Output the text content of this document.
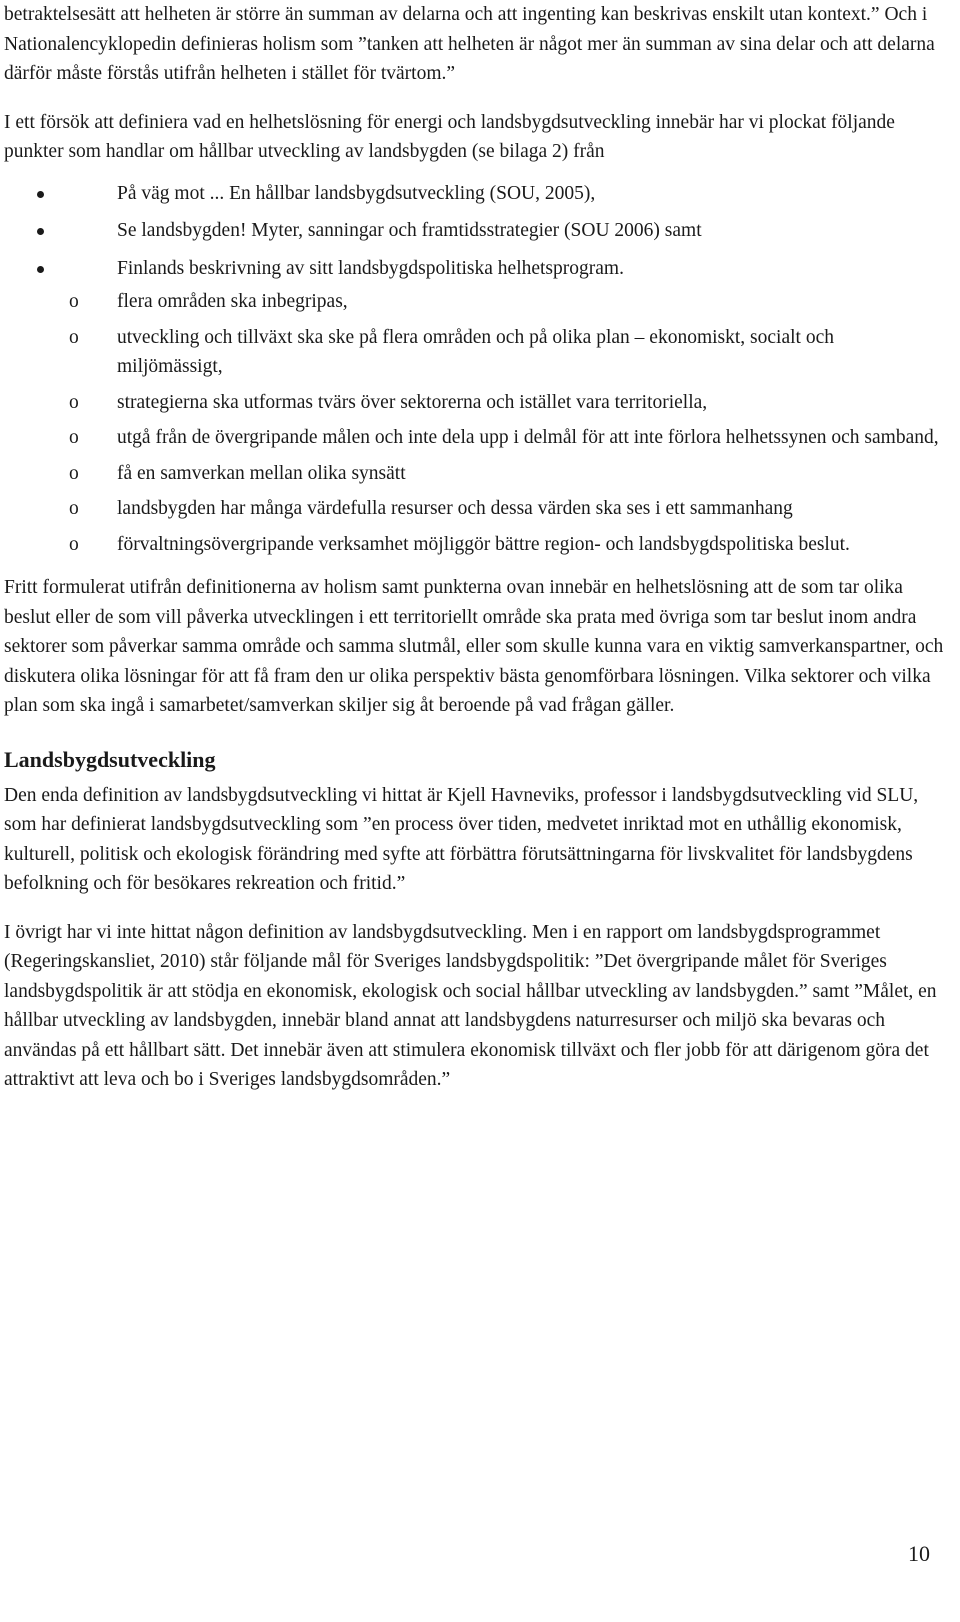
betraktelsesätt att helheten är större än summan av delarna och att ingenting kan beskrivas enskilt utan kontext.” Och i Nationalencyklopedin definieras holism som ”tanken att helheten är något mer än summan av sina delar och att delarna därför måste förstås utifrån helheten i stället för tvärtom.”

I ett försök att definiera vad en helhetslösning för energi och landsbygdsutveckling innebär har vi plockat följande punkter som handlar om hållbar utveckling av landsbygden (se bilaga 2) från

På väg mot ... En hållbar landsbygdsutveckling (SOU, 2005),
Se landsbygden! Myter, sanningar och framtidsstrategier (SOU 2006) samt
Finlands beskrivning av sitt landsbygdspolitiska helhetsprogram.
o flera områden ska inbegripas,
o utveckling och tillväxt ska ske på flera områden och på olika plan – ekonomiskt, socialt och miljömässigt,
o strategierna ska utformas tvärs över sektorerna och istället vara territoriella,
o utgå från de övergripande målen och inte dela upp i delmål för att inte förlora helhetssynen och samband,
o få en samverkan mellan olika synsätt
o landsbygden har många värdefulla resurser och dessa värden ska ses i ett sammanhang
o förvaltningsövergripande verksamhet möjliggör bättre region- och landsbygdspolitiska beslut.

Fritt formulerat utifrån definitionerna av holism samt punkterna ovan innebär en helhetslösning att de som tar olika beslut eller de som vill påverka utvecklingen i ett territoriellt område ska prata med övriga som tar beslut inom andra sektorer som påverkar samma område och samma slutmål, eller som skulle kunna vara en viktig samverkanspartner, och diskutera olika lösningar för att få fram den ur olika perspektiv bästa genomförbara lösningen. Vilka sektorer och vilka plan som ska ingå i samarbetet/samverkan skiljer sig åt beroende på vad frågan gäller.

Landsbygdsutveckling

Den enda definition av landsbygdsutveckling vi hittat är Kjell Havneviks, professor i landsbygdsutveckling vid SLU, som har definierat landsbygdsutveckling som ”en process över tiden, medvetet inriktad mot en uthållig ekonomisk, kulturell, politisk och ekologisk förändring med syfte att förbättra förutsättningarna för livskvalitet för landsbygdens befolkning och för besökares rekreation och fritid.”

I övrigt har vi inte hittat någon definition av landsbygdsutveckling. Men i en rapport om landsbygdsprogrammet (Regeringskansliet, 2010) står följande mål för Sveriges landsbygdspolitik: ”Det övergripande målet för Sveriges landsbygdspolitik är att stödja en ekonomisk, ekologisk och social hållbar utveckling av landsbygden.” samt ”Målet, en hållbar utveckling av landsbygden, innebär bland annat att landsbygdens naturresurser och miljö ska bevaras och användas på ett hållbart sätt. Det innebär även att stimulera ekonomisk tillväxt och fler jobb för att därigenom göra det attraktivt att leva och bo i Sveriges landsbygdsområden.”

10
